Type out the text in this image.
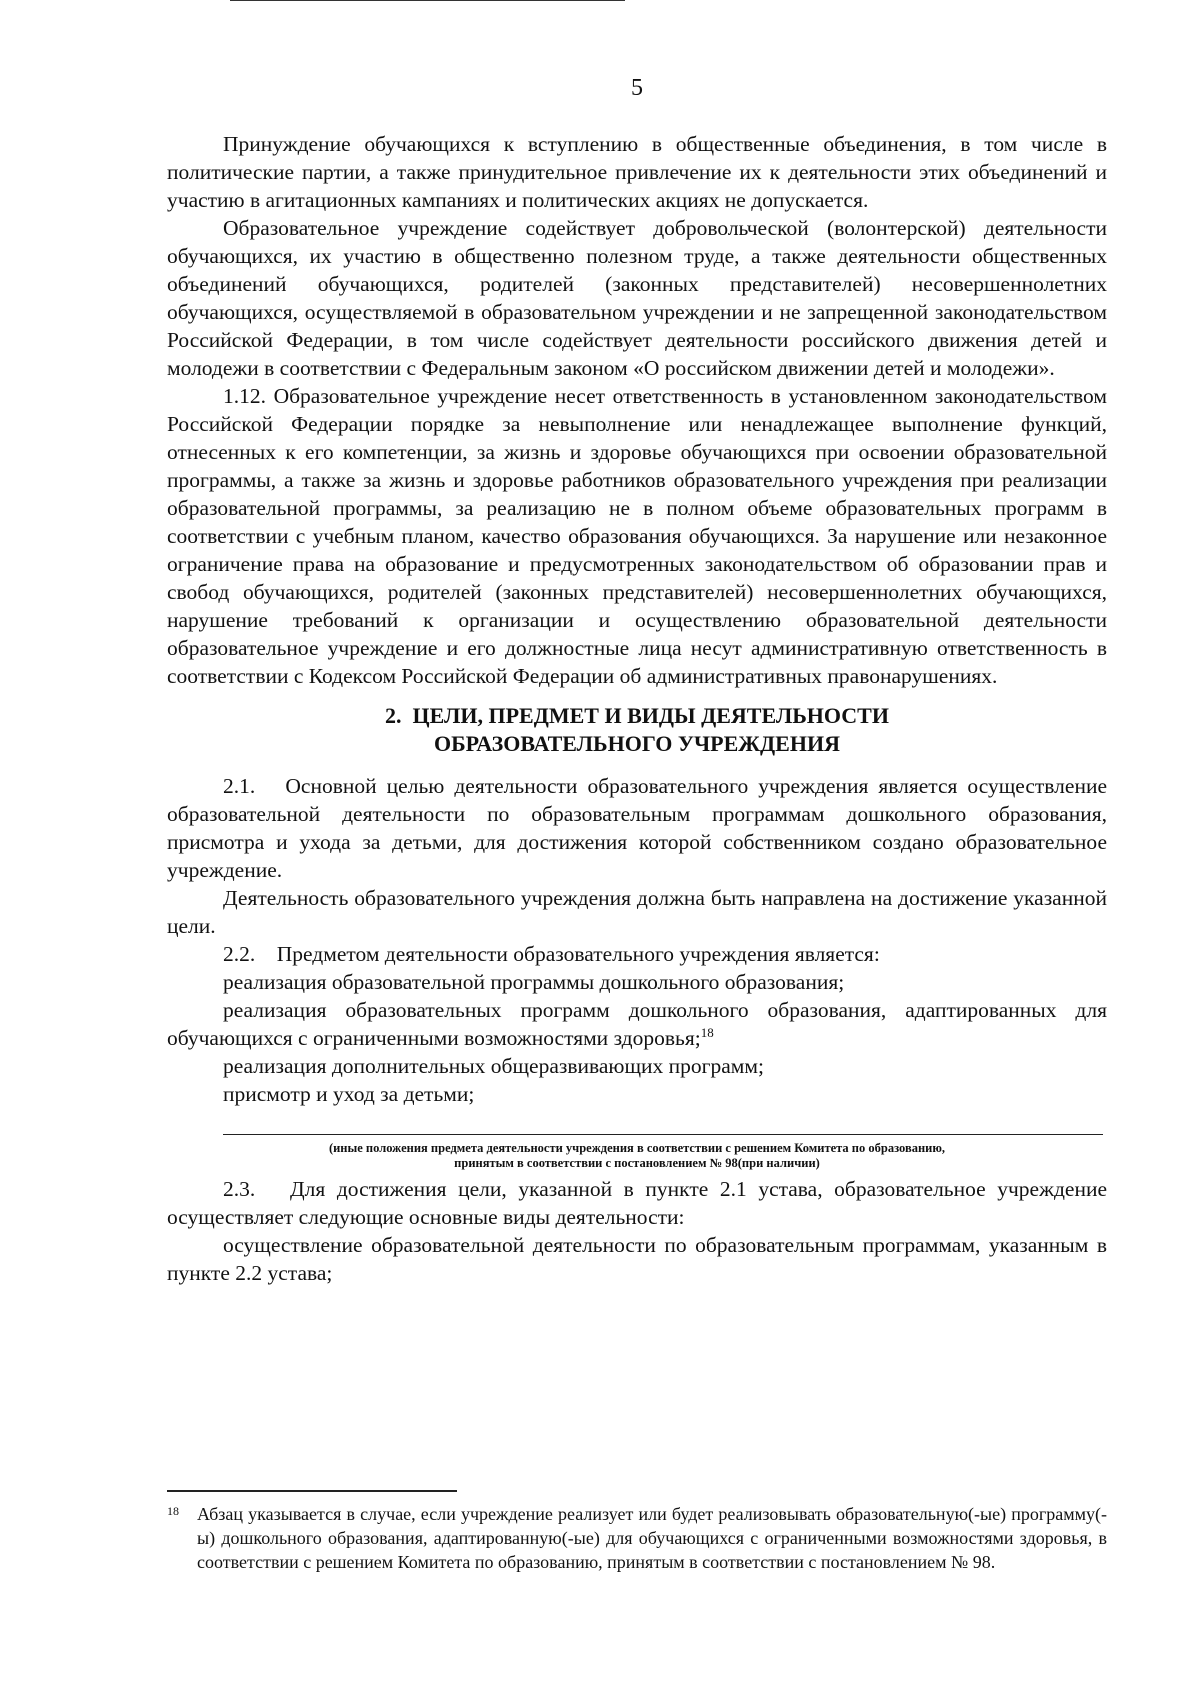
5

Принуждение обучающихся к вступлению в общественные объединения, в том числе в политические партии, а также принудительное привлечение их к деятельности этих объединений и участию в агитационных кампаниях и политических акциях не допускается.

Образовательное учреждение содействует добровольческой (волонтерской) деятельности обучающихся, их участию в общественно полезном труде, а также деятельности общественных объединений обучающихся, родителей (законных представителей) несовершеннолетних обучающихся, осуществляемой в образовательном учреждении и не запрещенной законодательством Российской Федерации, в том числе содействует деятельности российского движения детей и молодежи в соответствии с Федеральным законом «О российском движении детей и молодежи».

1.12. Образовательное учреждение несет ответственность в установленном законодательством Российской Федерации порядке за невыполнение или ненадлежащее выполнение функций, отнесенных к его компетенции, за жизнь и здоровье обучающихся при освоении образовательной программы, а также за жизнь и здоровье работников образовательного учреждения при реализации образовательной программы, за реализацию не в полном объеме образовательных программ в соответствии с учебным планом, качество образования обучающихся. За нарушение или незаконное ограничение права на образование и предусмотренных законодательством об образовании прав и свобод обучающихся, родителей (законных представителей) несовершеннолетних обучающихся, нарушение требований к организации и осуществлению образовательной деятельности образовательное учреждение и его должностные лица несут административную ответственность в соответствии с Кодексом Российской Федерации об административных правонарушениях.

2.  ЦЕЛИ, ПРЕДМЕТ И ВИДЫ ДЕЯТЕЛЬНОСТИ
ОБРАЗОВАТЕЛЬНОГО УЧРЕЖДЕНИЯ

2.1.   Основной целью деятельности образовательного учреждения является осуществление образовательной деятельности по образовательным программам дошкольного образования, присмотра и ухода за детьми, для достижения которой собственником создано образовательное учреждение.

Деятельность образовательного учреждения должна быть направлена на достижение указанной цели.

2.2.    Предметом деятельности образовательного учреждения является:

реализация образовательной программы дошкольного образования;

реализация образовательных программ дошкольного образования, адаптированных для обучающихся с ограниченными возможностями здоровья;$^{18}$

реализация дополнительных общеразвивающих программ;

присмотр и уход за детьми;

(иные положения предмета деятельности учреждения в соответствии с решением Комитета по образованию,
принятым в соответствии с постановлением № 98(при наличии)

2.3.   Для достижения цели, указанной в пункте 2.1 устава, образовательное учреждение осуществляет следующие основные виды деятельности:

осуществление образовательной деятельности по образовательным программам, указанным в пункте 2.2 устава;

18	Абзац указывается в случае, если учреждение реализует или будет реализовывать образовательную(-ые) программу(-ы) дошкольного образования, адаптированную(-ые) для обучающихся с ограниченными возможностями здоровья, в соответствии с решением Комитета по образованию, принятым в соответствии с постановлением № 98.
